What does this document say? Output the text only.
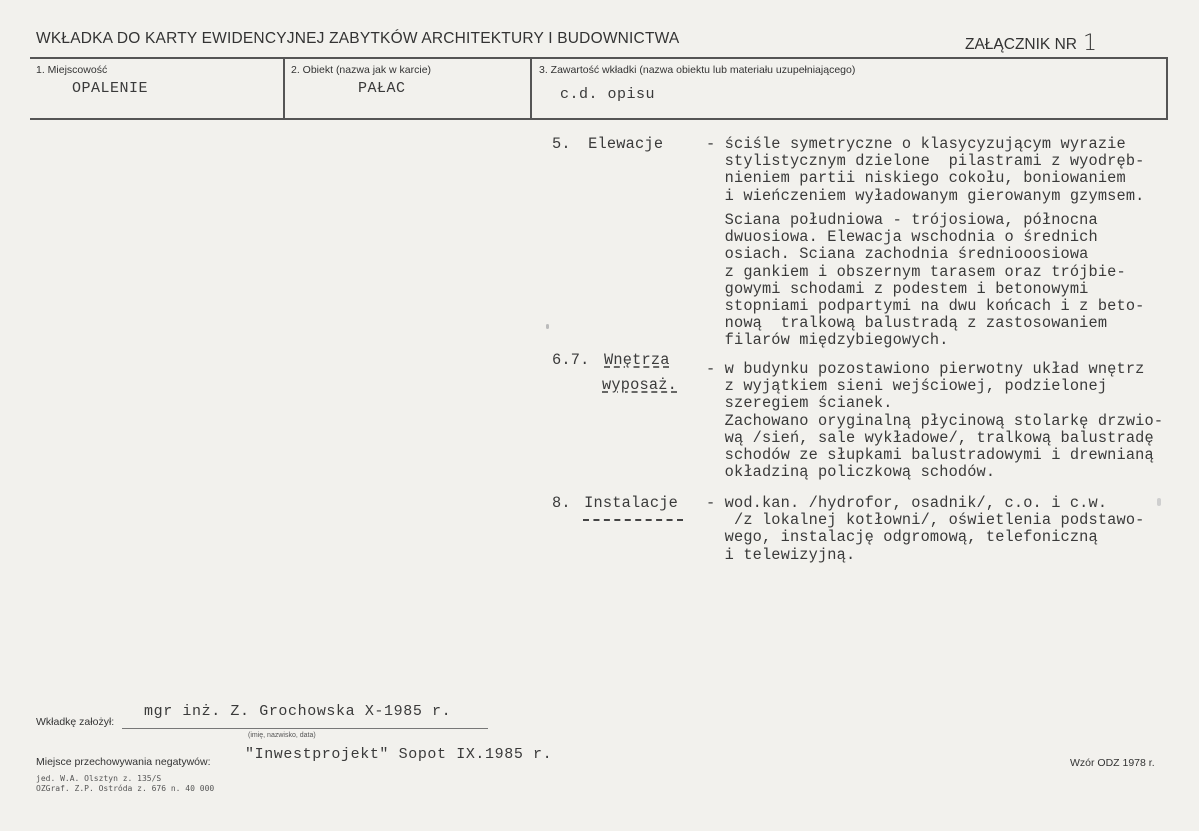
WKŁADKA DO KARTY EWIDENCYJNEJ ZABYTKÓW ARCHITEKTURY I BUDOWNICTWA	ZAŁĄCZNIK NR 1
1. Miejscowość
OPALENIE
2. Obiekt (nazwa jak w karcie)
PAŁAC
3. Zawartość wkładki (nazwa obiektu lub materiału uzupełniającego)
c.d. opisu
5. Elewacje	- ściśle symetryczne o klasycyzującym wyrazie
stylistycznym dzielone  pilastrami z wyodręb-
nieniem partii niskiego cokołu, boniowaniem
i wieńczeniem wyładowanym gierowanym gzymsem.
Sciana południowa - trójosiowa, północna
dwuosiowa. Elewacja wschodnia o średnich
osiach. Sciana zachodnia średniooosiowa
z gankiem i obszernym tarasem oraz trójbie-
gowymi schodami z podestem i betonowymi
stopniami podpartymi na dwu końcach i z beto-
nową  tralkową balustradą z zastosowaniem
filarów międzybiegowych.
6.7. Wnętrza
wyposaż.
- w budynku pozostawiono pierwotny układ wnętrz
z wyjątkiem sieni wejściowej, podzielonej
szeregiem ścianek.
Zachowano oryginalną płycinową stolarkę drzwio-
wą /sień, sale wykładowe/, tralkową balustradę
schodów ze słupkami balustradowymi i drewnianą
okładziną policzkową schodów.
8. Instalacje - wod.kan. /hydrofor, osadnik/, c.o. i c.w.
/z lokalnej kotłowni/, oświetlenia podstawo-
wego, instalację odgromową, telefoniczną
i telewizyjną.
Wkładkę założył:
mgr inż. Z. Grochowska X-1985 r.
(imię, nazwisko, data)
Miejsce przechowywania negatywów: "Inwestprojekt" Sopot IX.1985 r.
jed. W.A. Olsztyn z. 135/S
OZGraf. Z.P. Ostróda z. 676 n. 40 000
Wzór ODZ 1978 r.
